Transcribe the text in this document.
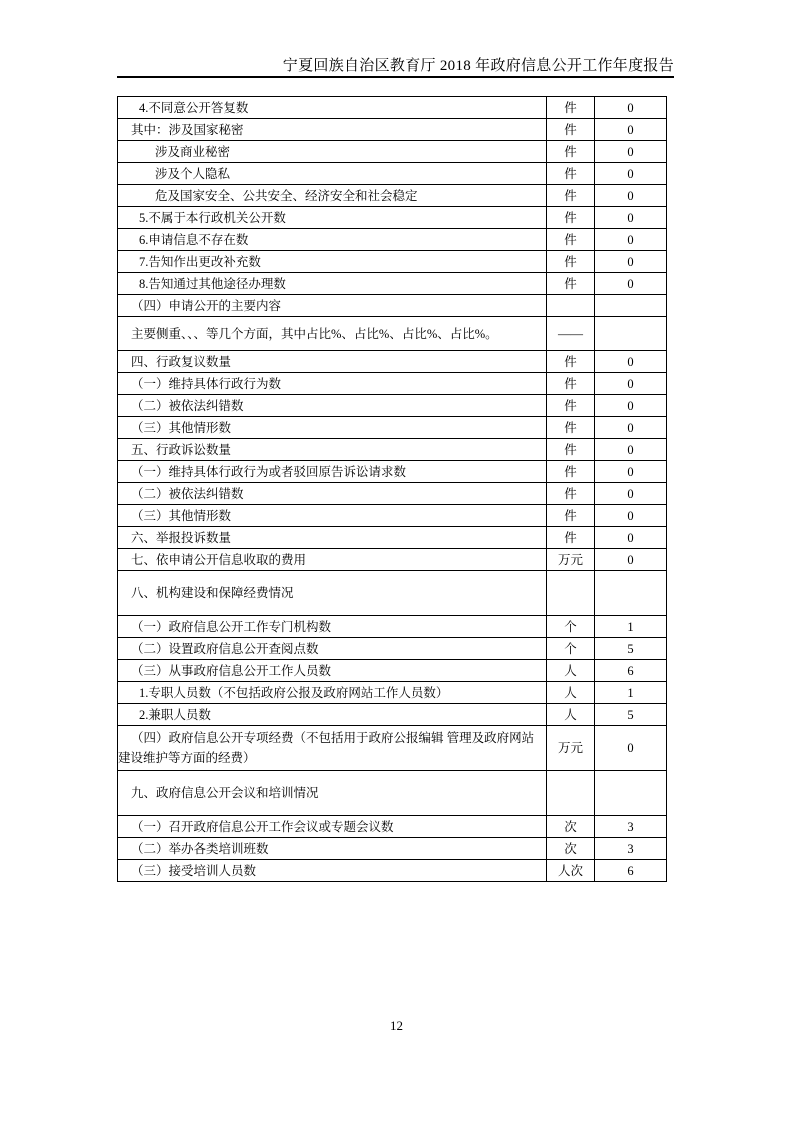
宁夏回族自治区教育厅 2018 年政府信息公开工作年度报告
4.不同意公开答复数	件	0
其中：涉及国家秘密	件	0
涉及商业秘密	件	0
涉及个人隐私	件	0
危及国家安全、公共安全、经济安全和社会稳定	件	0
5.不属于本行政机关公开数	件	0
6.申请信息不存在数	件	0
7.告知作出更改补充数	件	0
8.告知通过其他途径办理数	件	0
（四）申请公开的主要内容		
主要侧重、、、等几个方面，其中占比%、占比%、占比%、占比%。	——	
四、行政复议数量	件	0
（一）维持具体行政行为数	件	0
（二）被依法纠错数	件	0
（三）其他情形数	件	0
五、行政诉讼数量	件	0
（一）维持具体行政行为或者驳回原告诉讼请求数	件	0
（二）被依法纠错数	件	0
（三）其他情形数	件	0
六、举报投诉数量	件	0
七、依申请公开信息收取的费用	万元	0
八、机构建设和保障经费情况		
（一）政府信息公开工作专门机构数	个	1
（二）设置政府信息公开查阅点数	个	5
（三）从事政府信息公开工作人员数	人	6
1.专职人员数（不包括政府公报及政府网站工作人员数）	人	1
2.兼职人员数	人	5
（四）政府信息公开专项经费（不包括用于政府公报编辑 管理及政府网站建设维护等方面的经费）	万元	0
九、政府信息公开会议和培训情况		
（一）召开政府信息公开工作会议或专题会议数	次	3
（二）举办各类培训班数	次	3
（三）接受培训人员数	人次	6
12
